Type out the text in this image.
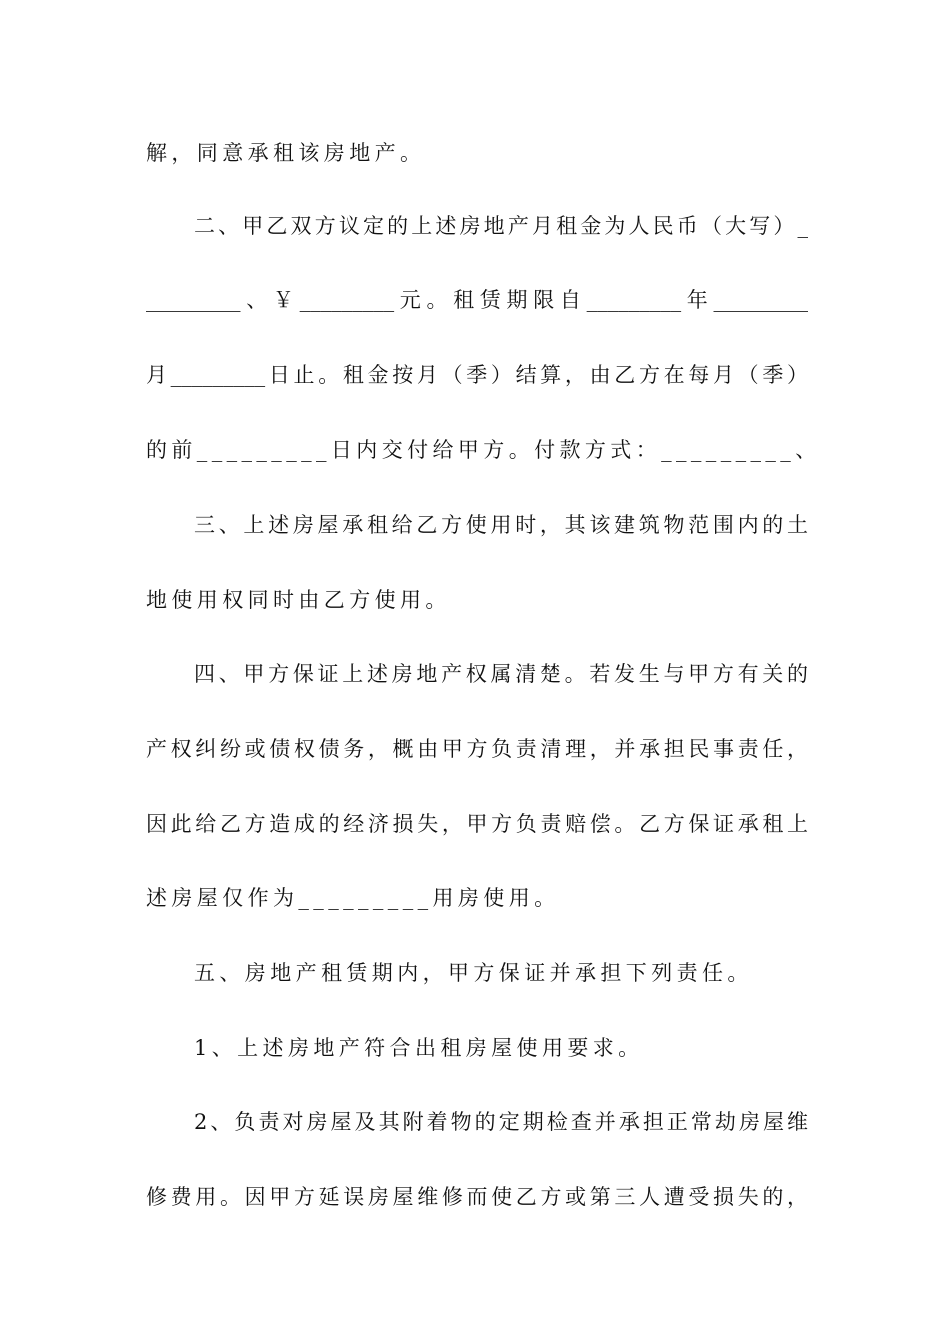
解，同意承租该房地产。
二、甲乙双方议定的上述房地产月租金为人民币（大写）_
_________、￥_________元。租赁期限自_________年_________
月_________日止。租金按月（季）结算，由乙方在每月（季）
的前_________日内交付给甲方。付款方式：_________、
三、上述房屋承租给乙方使用时，其该建筑物范围内的土
地使用权同时由乙方使用。
四、甲方保证上述房地产权属清楚。若发生与甲方有关的
产权纠纷或债权债务，概由甲方负责清理，并承担民事责任，
因此给乙方造成的经济损失，甲方负责赔偿。乙方保证承租上
述房屋仅作为_________用房使用。
五、房地产租赁期内，甲方保证并承担下列责任。
1、上述房地产符合出租房屋使用要求。
2、负责对房屋及其附着物的定期检查并承担正常劫房屋维
修费用。因甲方延误房屋维修而使乙方或第三人遭受损失的，
